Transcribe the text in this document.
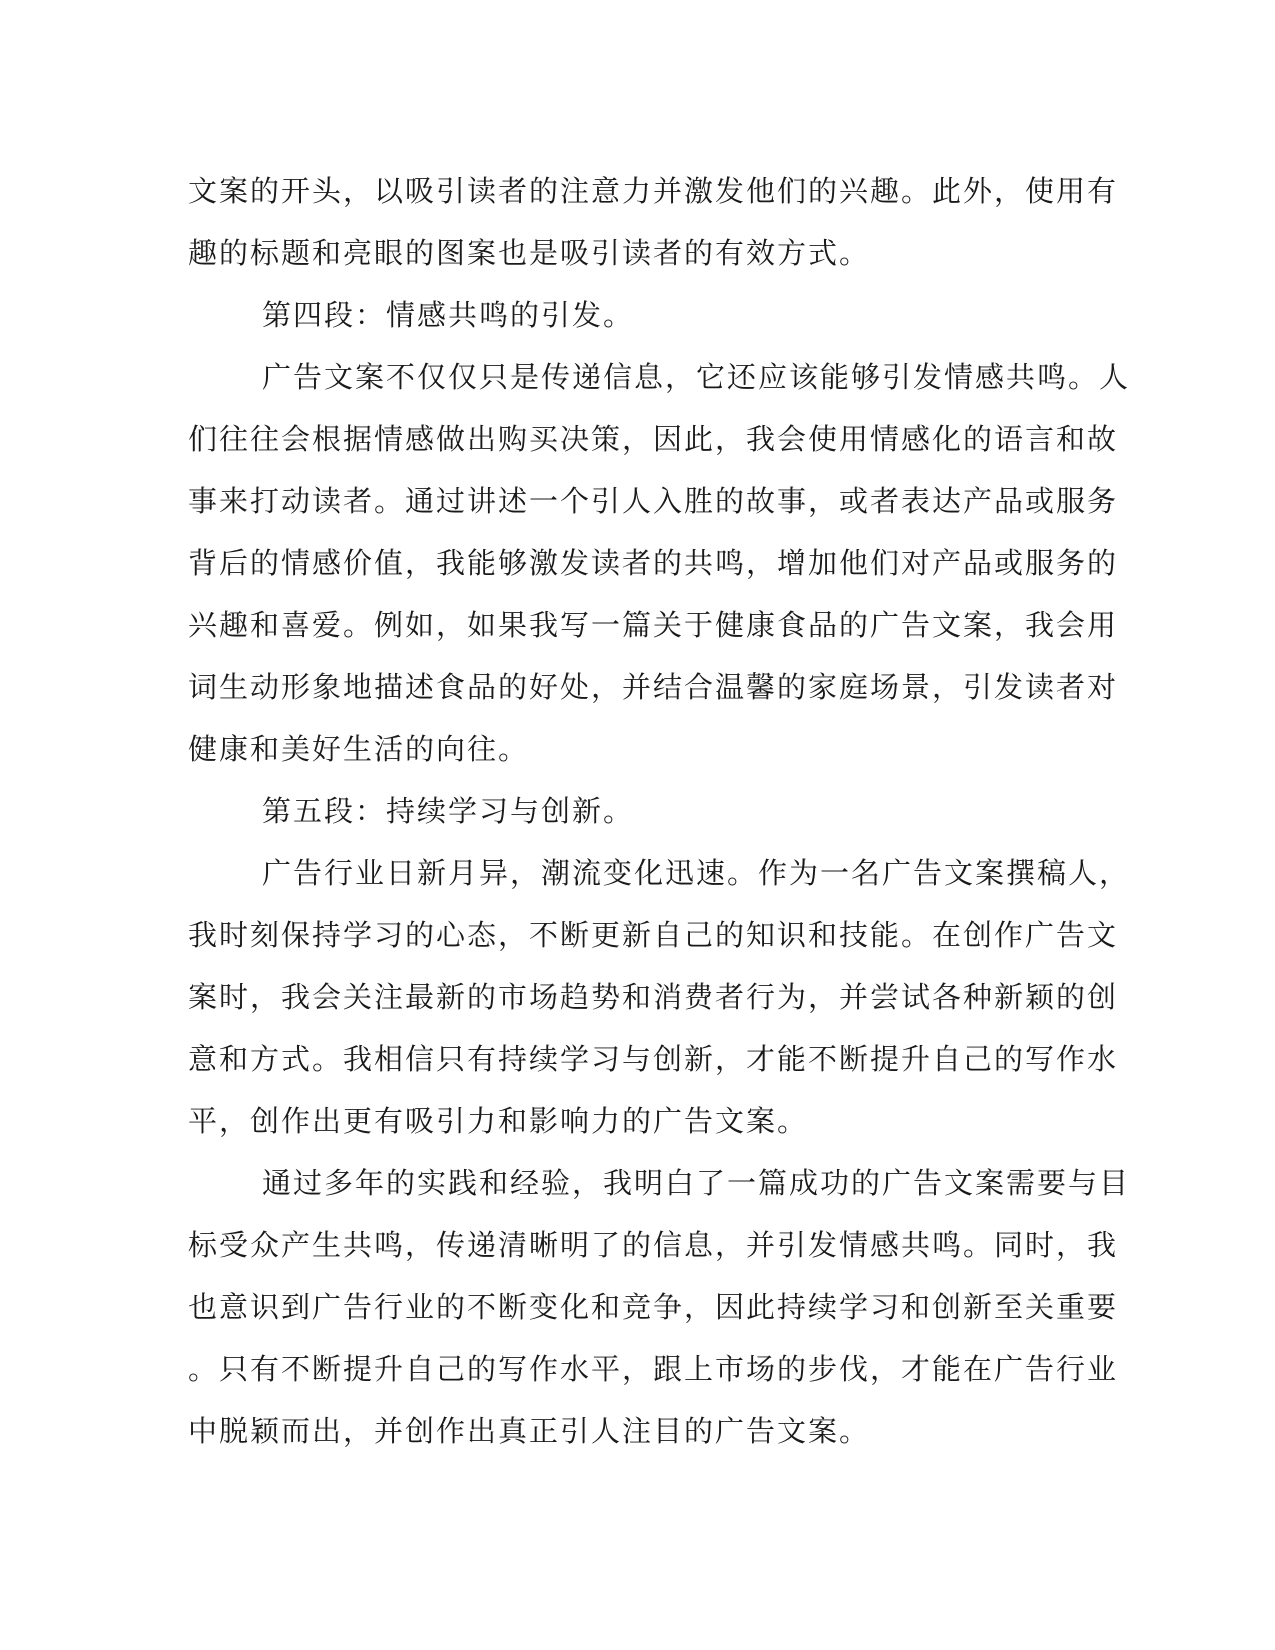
文案的开头，以吸引读者的注意力并激发他们的兴趣。此外，使用有
趣的标题和亮眼的图案也是吸引读者的有效方式。

第四段：情感共鸣的引发。

广告文案不仅仅只是传递信息，它还应该能够引发情感共鸣。人
们往往会根据情感做出购买决策，因此，我会使用情感化的语言和故
事来打动读者。通过讲述一个引人入胜的故事，或者表达产品或服务
背后的情感价值，我能够激发读者的共鸣，增加他们对产品或服务的
兴趣和喜爱。例如，如果我写一篇关于健康食品的广告文案，我会用
词生动形象地描述食品的好处，并结合温馨的家庭场景，引发读者对
健康和美好生活的向往。

第五段：持续学习与创新。

广告行业日新月异，潮流变化迅速。作为一名广告文案撰稿人，
我时刻保持学习的心态，不断更新自己的知识和技能。在创作广告文
案时，我会关注最新的市场趋势和消费者行为，并尝试各种新颖的创
意和方式。我相信只有持续学习与创新，才能不断提升自己的写作水
平，创作出更有吸引力和影响力的广告文案。

通过多年的实践和经验，我明白了一篇成功的广告文案需要与目
标受众产生共鸣，传递清晰明了的信息，并引发情感共鸣。同时，我
也意识到广告行业的不断变化和竞争，因此持续学习和创新至关重要
。只有不断提升自己的写作水平，跟上市场的步伐，才能在广告行业
中脱颖而出，并创作出真正引人注目的广告文案。
